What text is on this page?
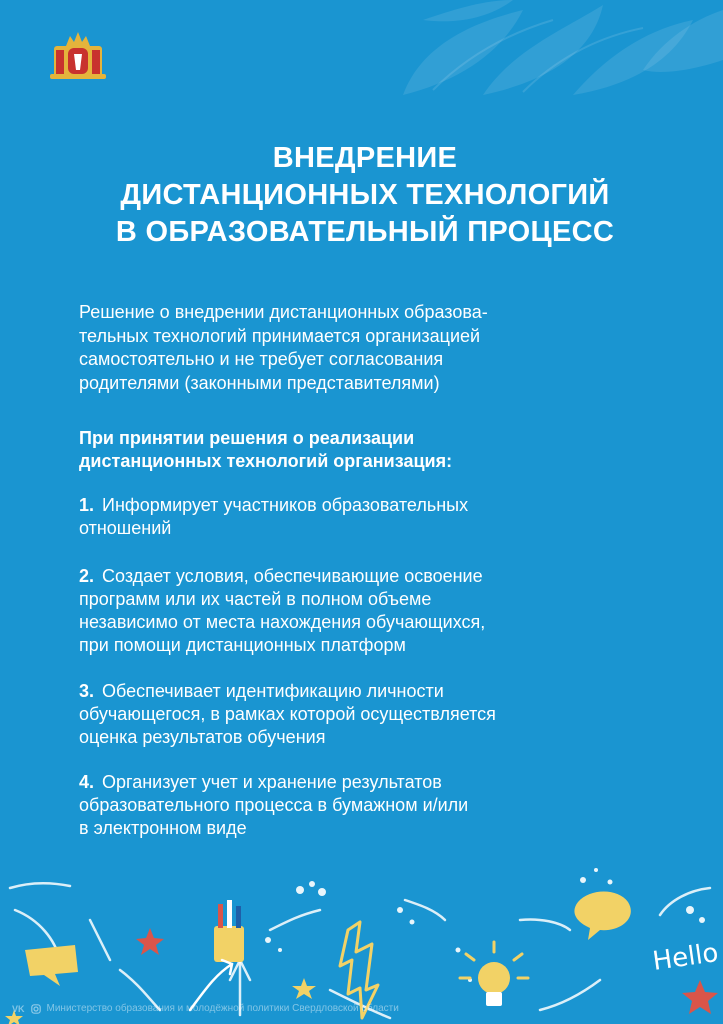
ВНЕДРЕНИЕ
ДИСТАНЦИОННЫХ ТЕХНОЛОГИЙ
В ОБРАЗОВАТЕЛЬНЫЙ ПРОЦЕСС

Решение о внедрении дистанционных образова-
тельных технологий принимается организацией
самостоятельно и не требует согласования
родителями (законными представителями)

При принятии решения о реализации
дистанционных технологий организация:

1. Информирует участников образовательных
отношений
2. Создает условия, обеспечивающие освоение
программ или их частей в полном объеме
независимо от места нахождения обучающихся,
при помощи дистанционных платформ
3. Обеспечивает идентификацию личности
обучающегося, в рамках которой осуществляется
оценка результатов обучения
4. Организует учет и хранение результатов
образовательного процесса в бумажном и/или
в электронном виде
Hello
VK Министерство образования и молодёжной политики Свердловской области
